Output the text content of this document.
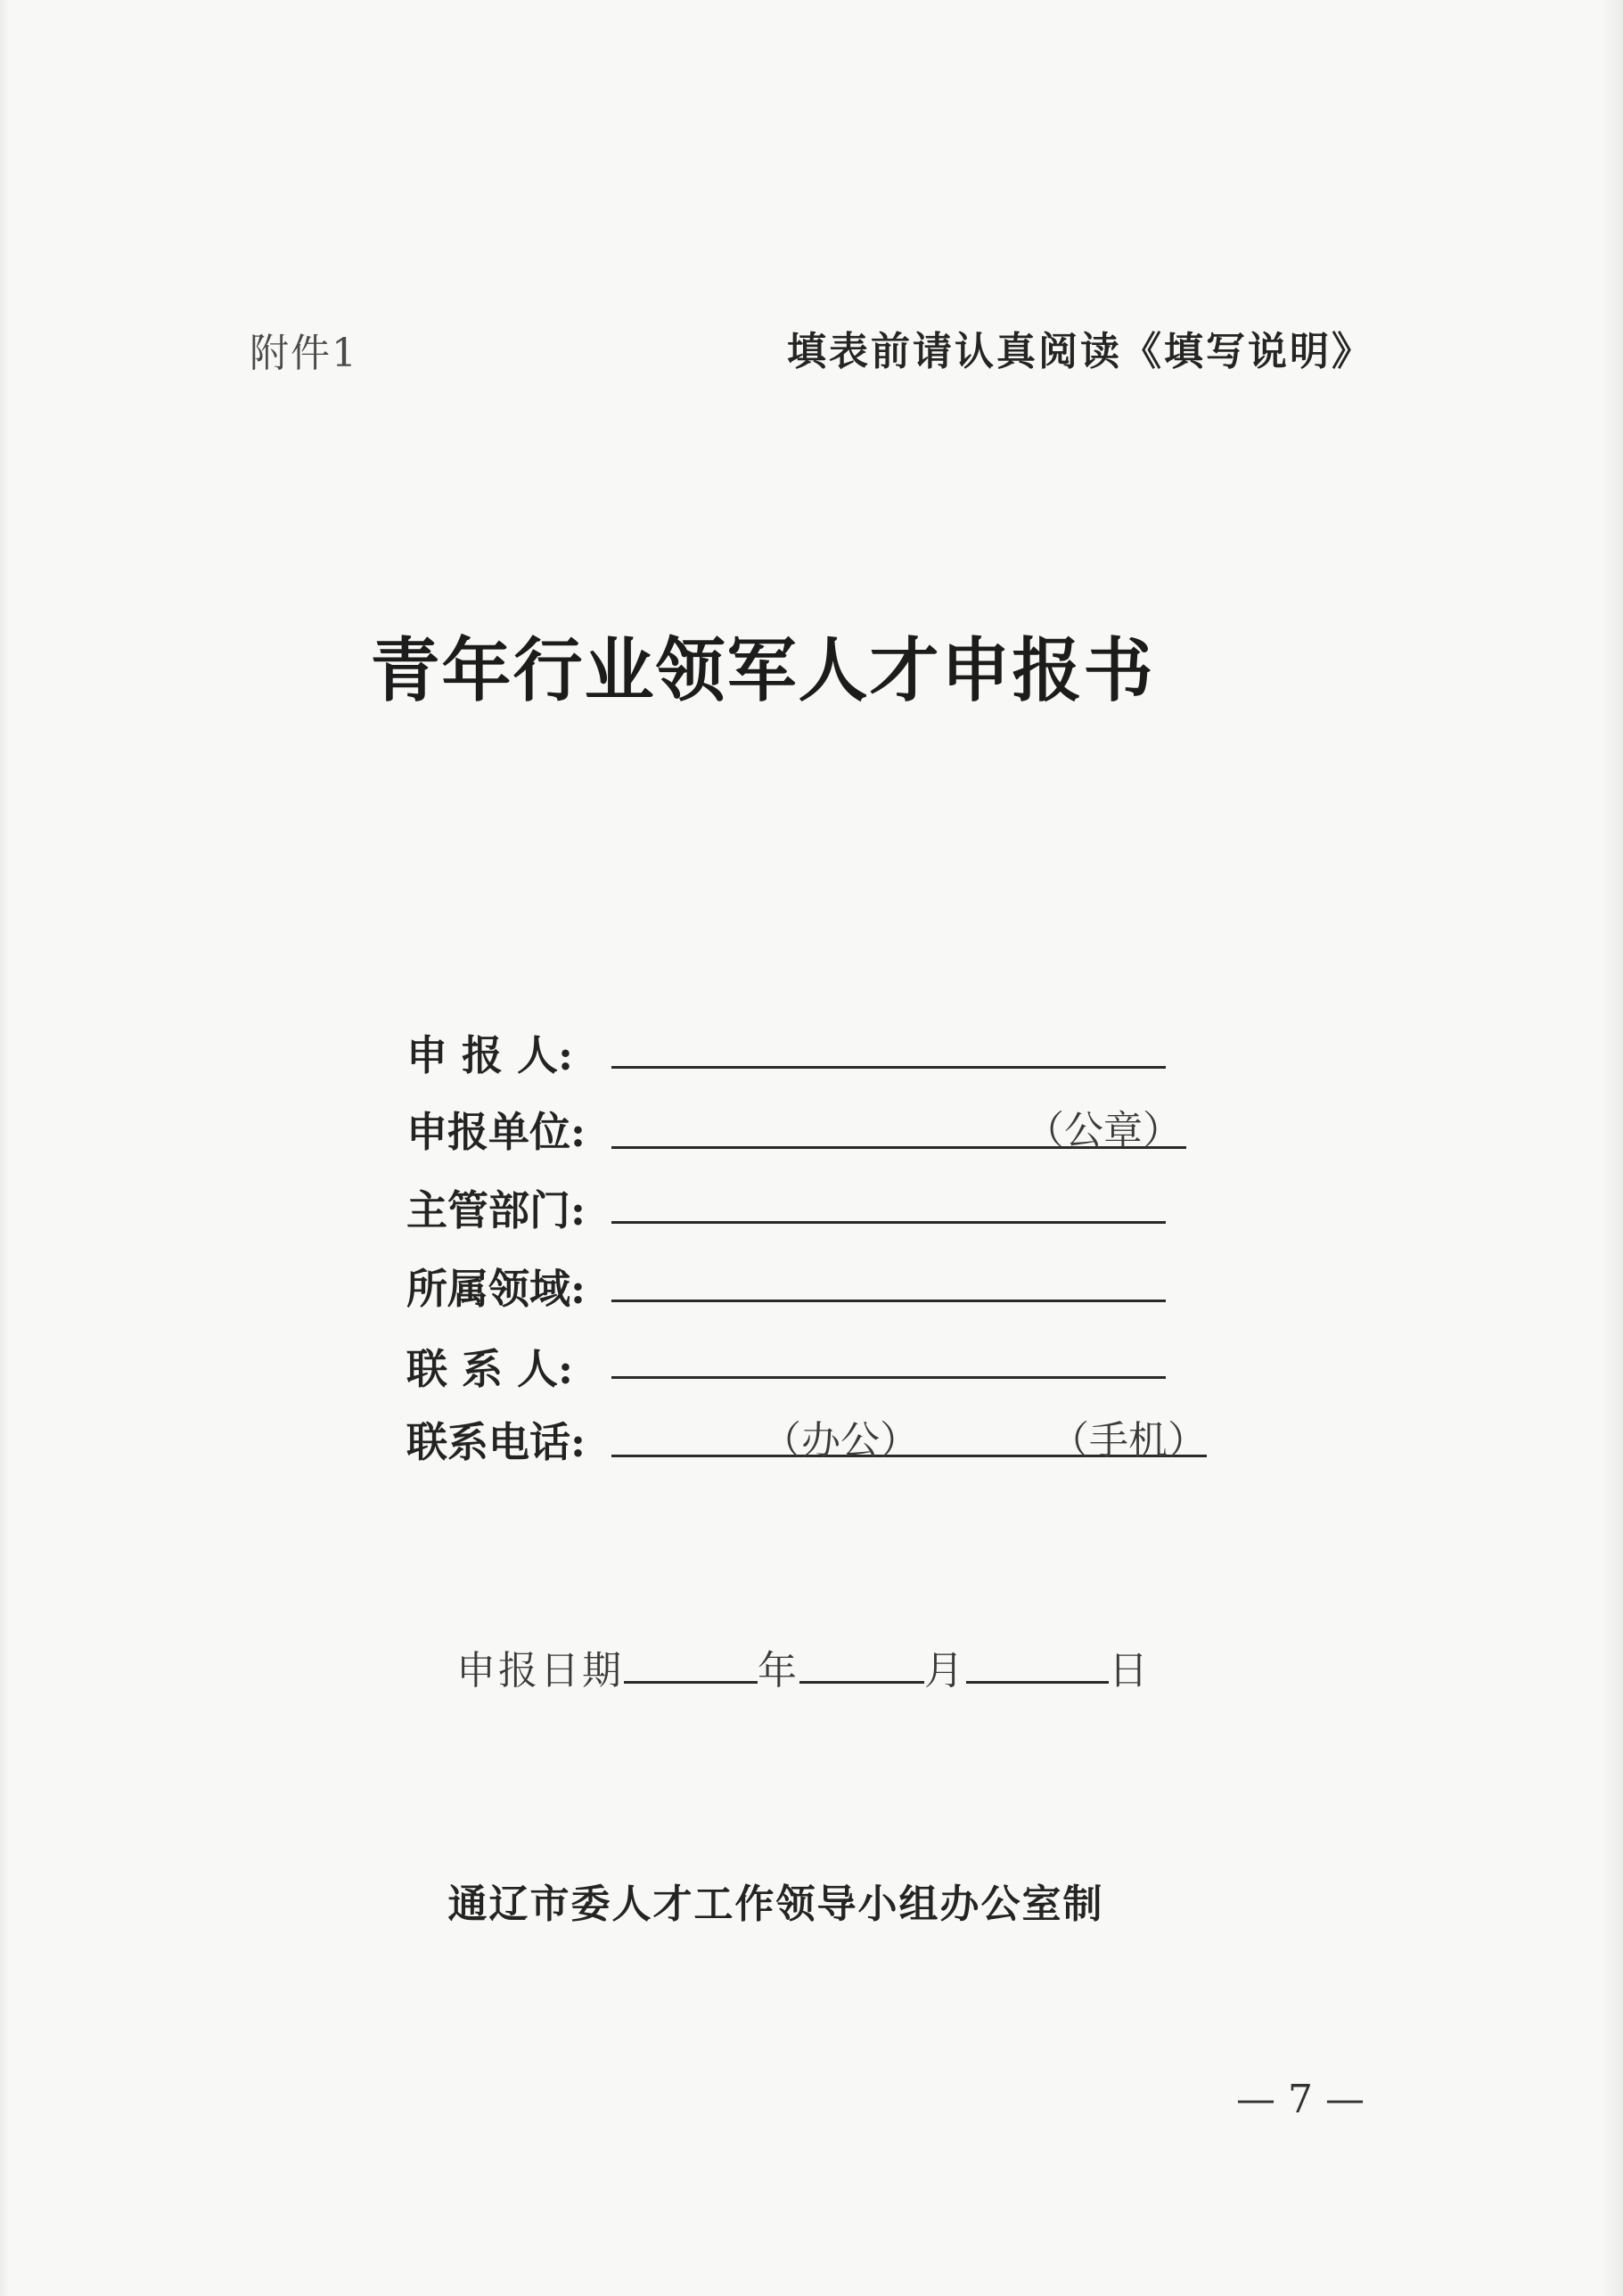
附件1	填表前请认真阅读《填写说明》
青年行业领军人才申报书
申 报 人:
申报单位:	（公章）
主管部门:
所属领域:
联 系 人:
联系电话:	（办公）	（手机）
申报日期	年	月	日
通辽市委人才工作领导小组办公室制
— 7 —
